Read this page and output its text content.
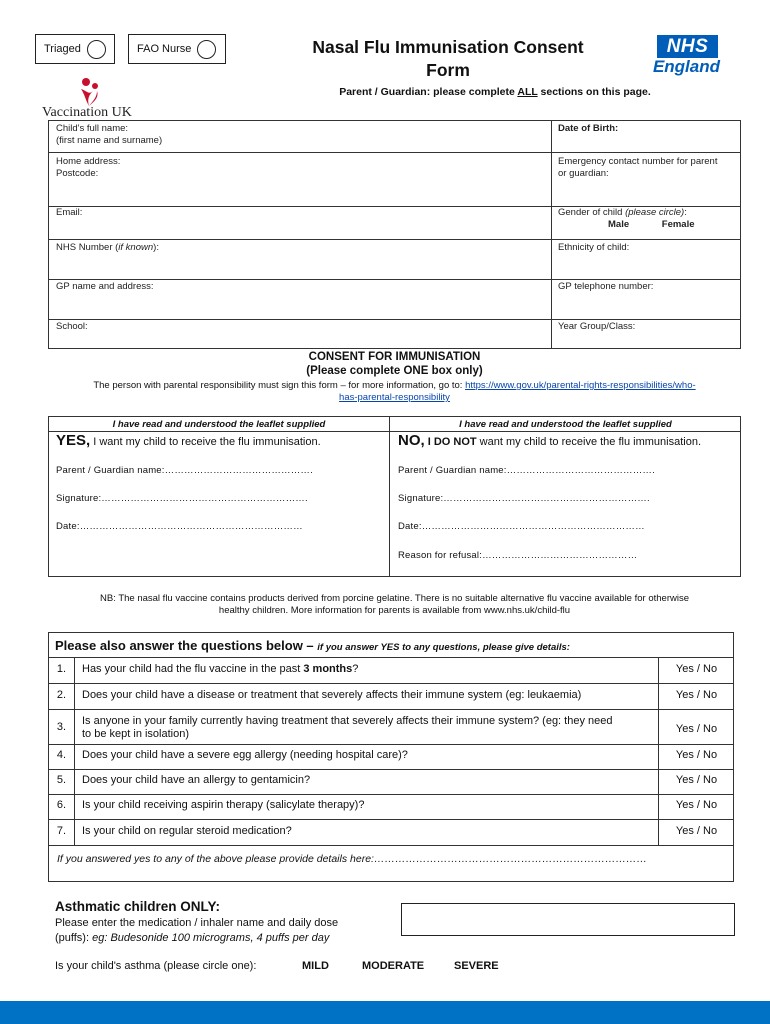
Triaged	FAO Nurse	Nasal Flu Immunisation Consent
Form
Parent / Guardian: please complete ALL sections on this page.
NHS
England
Vaccination UK
Child's full name:
(first name and surname)
Date of Birth:
Home address:
Postcode:
Emergency contact number for parent
or guardian:
Email:	Gender of child (please circle):
Male	Female
NHS Number (if known):	Ethnicity of child:
GP name and address:	GP telephone number:
School:	Year Group/Class:
CONSENT FOR IMMUNISATION
(Please complete ONE box only)
The person with parental responsibility must sign this form – for more information, go to: https://www.gov.uk/parental-rights-responsibilities/who-
has-parental-responsibility
I have read and understood the leaflet supplied	I have read and understood the leaflet supplied
YES, I want my child to receive the flu immunisation.	NO, I DO NOT want my child to receive the flu immunisation.
Parent / Guardian name:……………………………………….	Parent / Guardian name:……………………………………….
Signature:……………………………………………………….	Signature:……………………………………………………….
Date:……………………………………………………………	Date:……………………………………………………………
Reason for refusal:…………………………………………
NB: The nasal flu vaccine contains products derived from porcine gelatine. There is no suitable alternative flu vaccine available for otherwise
healthy children. More information for parents is available from www.nhs.uk/child-flu
Please also answer the questions below – if you answer YES to any questions, please give details:
1.	Has your child had the flu vaccine in the past 3 months?	Yes / No
2.	Does your child have a disease or treatment that severely affects their immune system (eg: leukaemia)	Yes / No
3.	Is anyone in your family currently having treatment that severely affects their immune system? (eg: they need to be kept in isolation)	Yes / No
4.	Does your child have a severe egg allergy (needing hospital care)?	Yes / No
5.	Does your child have an allergy to gentamicin?	Yes / No
6.	Is your child receiving aspirin therapy (salicylate therapy)?	Yes / No
7.	Is your child on regular steroid medication?	Yes / No
If you answered yes to any of the above please provide details here:……………………………………………………………………
Asthmatic children ONLY:
Please enter the medication / inhaler name and daily dose
(puffs): eg: Budesonide 100 micrograms, 4 puffs per day
Is your child's asthma (please circle one):	MILD	MODERATE	SEVERE
